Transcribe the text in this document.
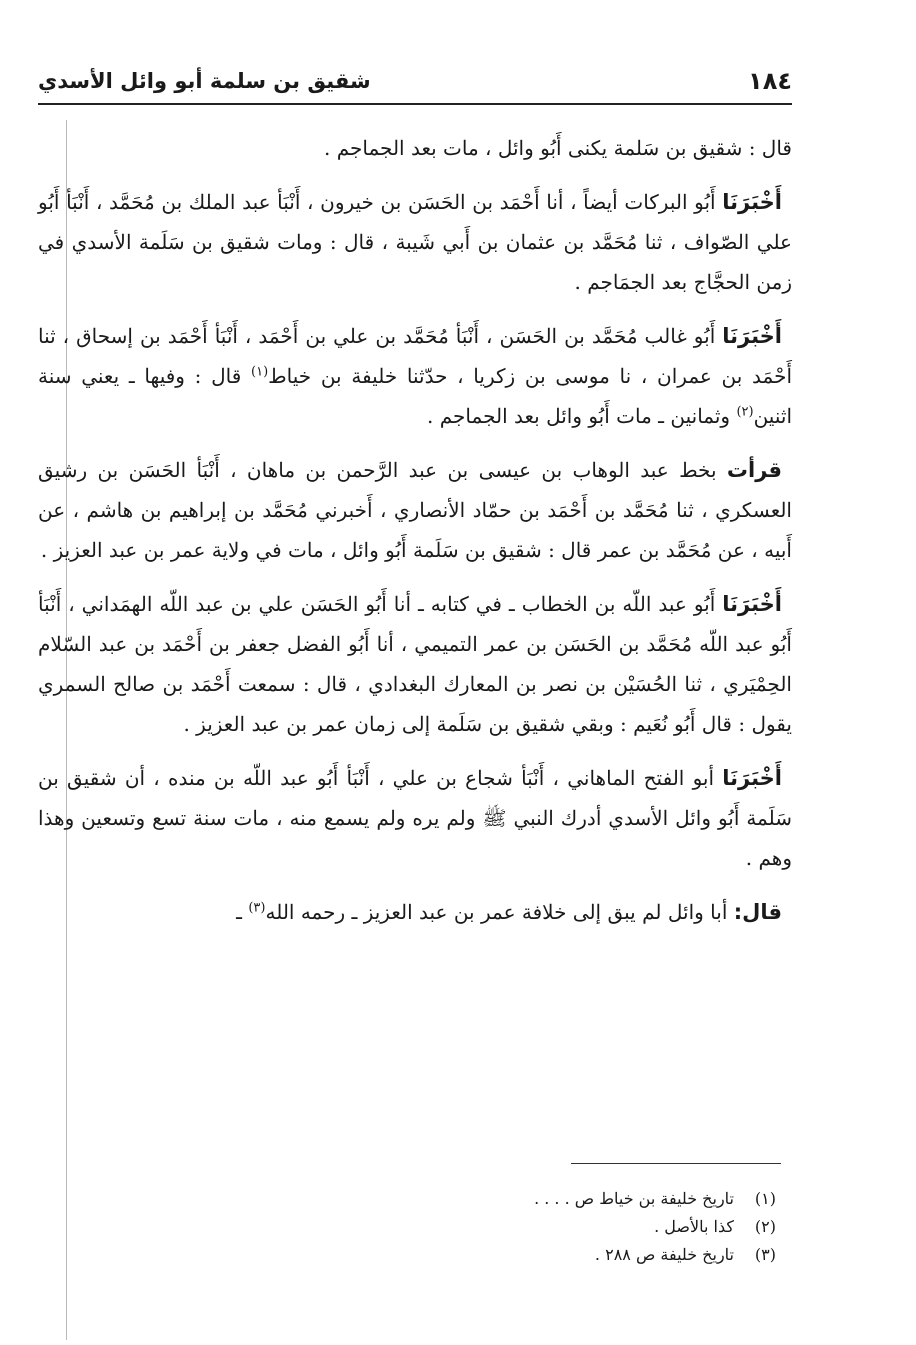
١٨٤
شقيق بن سلمة أبو وائل الأسدي

قال : شقيق بن سَلمة يكنى أَبُو وائل ، مات بعد الجماجم .

أَخْبَرَنَا أَبُو البركات أيضاً ، أنا أَحْمَد بن الحَسَن بن خيرون ، أَنْبَأ عبد الملك بن مُحَمَّد ، أَنْبَأ أَبُو علي الصّواف ، ثنا مُحَمَّد بن عثمان بن أَبي شَيبة ، قال : ومات شقيق بن سَلَمة الأسدي في زمن الحجَّاج بعد الجمَاجم .

أَخْبَرَنَا أَبُو غالب مُحَمَّد بن الحَسَن ، أَنْبَأ مُحَمَّد بن علي بن أَحْمَد ، أَنْبَأ أَحْمَد بن إسحاق ، ثنا أَحْمَد بن عمران ، نا موسى بن زكريا ، حدّثنا خليفة بن خياط$^{(١)}$ قال : وفيها ـ يعني سنة اثنين$^{(٢)}$ وثمانين ـ مات أَبُو وائل بعد الجماجم .

قرأت بخط عبد الوهاب بن عيسى بن عبد الرَّحمن بن ماهان ، أَنْبَأ الحَسَن بن رشيق العسكري ، ثنا مُحَمَّد بن أَحْمَد بن حمّاد الأنصاري ، أَخبرني مُحَمَّد بن إبراهيم بن هاشم ، عن أَبيه ، عن مُحَمَّد بن عمر قال : شقيق بن سَلَمة أَبُو وائل ، مات في ولاية عمر بن عبد العزيز .

أَخْبَرَنَا أَبُو عبد اللّه بن الخطاب ـ في كتابه ـ أنا أَبُو الحَسَن علي بن عبد اللّه الهمَداني ، أَنْبَأ أَبُو عبد اللّه مُحَمَّد بن الحَسَن بن عمر التميمي ، أنا أَبُو الفضل جعفر بن أَحْمَد بن عبد السّلام الحِمْيَري ، ثنا الحُسَيْن بن نصر بن المعارك البغدادي ، قال : سمعت أَحْمَد بن صالح السمري يقول : قال أَبُو نُعَيم : وبقي شقيق بن سَلَمة إلى زمان عمر بن عبد العزيز .

أَخْبَرَنَا أبو الفتح الماهاني ، أَنْبَأ شجاع بن علي ، أَنْبَأ أَبُو عبد اللّه بن منده ، أن شقيق بن سَلَمة أَبُو وائل الأسدي أدرك النبي ﷺ ولم يره ولم يسمع منه ، مات سنة تسع وتسعين وهذا وهم .

قال: أبا وائل لم يبق إلى خلافة عمر بن عبد العزيز ـ رحمه الله$^{(٣)}$ ـ

(١)
تاريخ خليفة بن خياط ص . . . .
(٢)
كذا بالأصل .
(٣)
تاريخ خليفة ص ٢٨٨ .
